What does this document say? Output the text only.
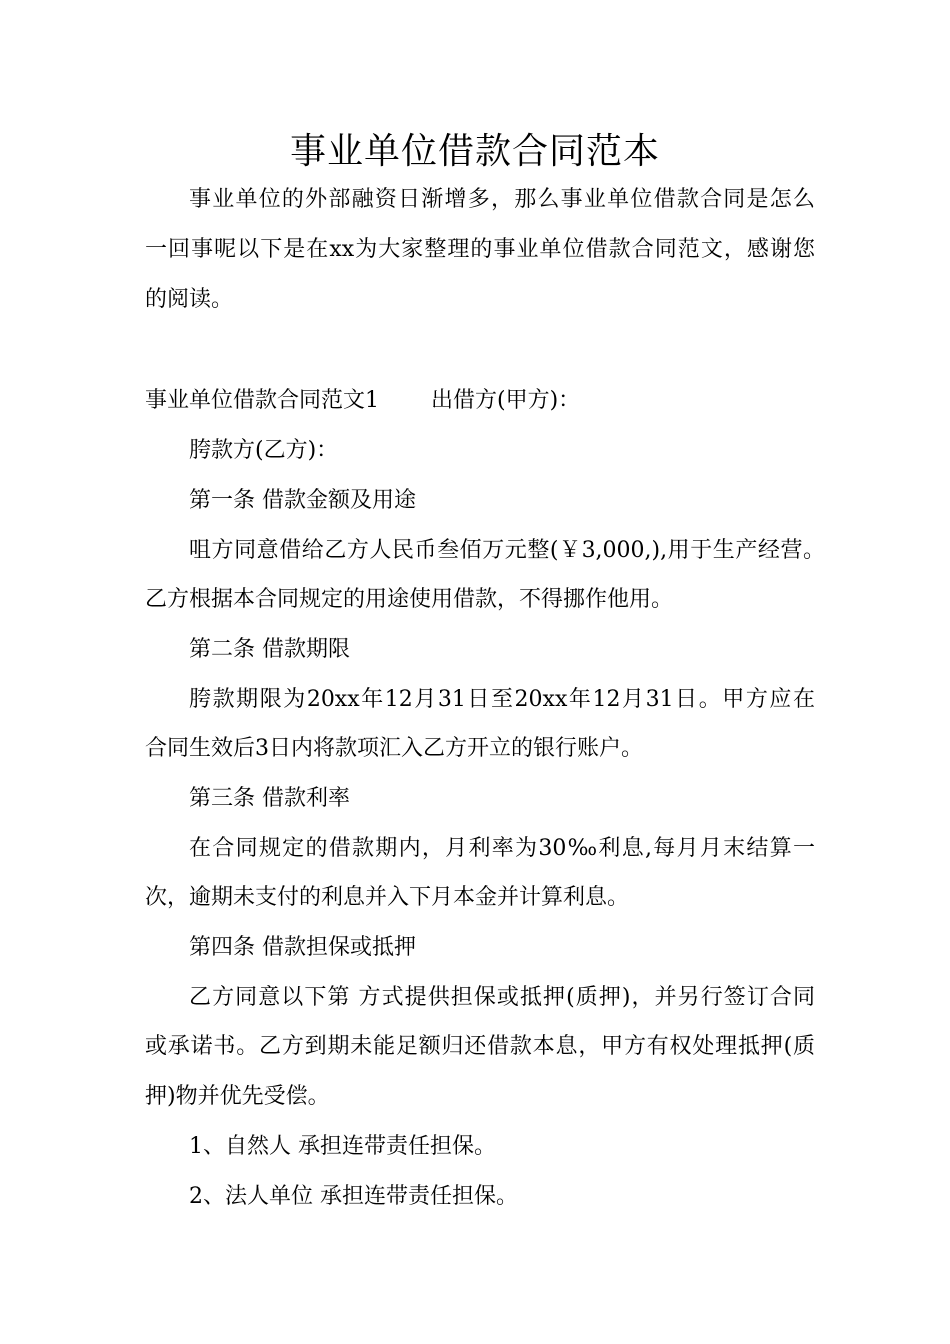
事业单位借款合同范本
事业单位的外部融资日渐增多，那么事业单位借款合同是怎么
一回事呢以下是在xx为大家整理的事业单位借款合同范文，感谢您
的阅读。
事业单位借款合同范文1 出借方(甲方)：
胯款方(乙方)：
第一条 借款金额及用途
咀方同意借给乙方人民币叁佰万元整(￥3,000,),用于生产经营。
乙方根据本合同规定的用途使用借款，不得挪作他用。
第二条 借款期限
胯款期限为20xx年12月31日至20xx年12月31日。甲方应在
合同生效后3日内将款项汇入乙方开立的银行账户。
第三条 借款利率
在合同规定的借款期内，月利率为30‰利息,每月月末结算一
次，逾期未支付的利息并入下月本金并计算利息。
第四条 借款担保或抵押
乙方同意以下第 方式提供担保或抵押(质押)，并另行签订合同
或承诺书。乙方到期未能足额归还借款本息，甲方有权处理抵押(质
押)物并优先受偿。
1、自然人 承担连带责任担保。
2、法人单位 承担连带责任担保。
